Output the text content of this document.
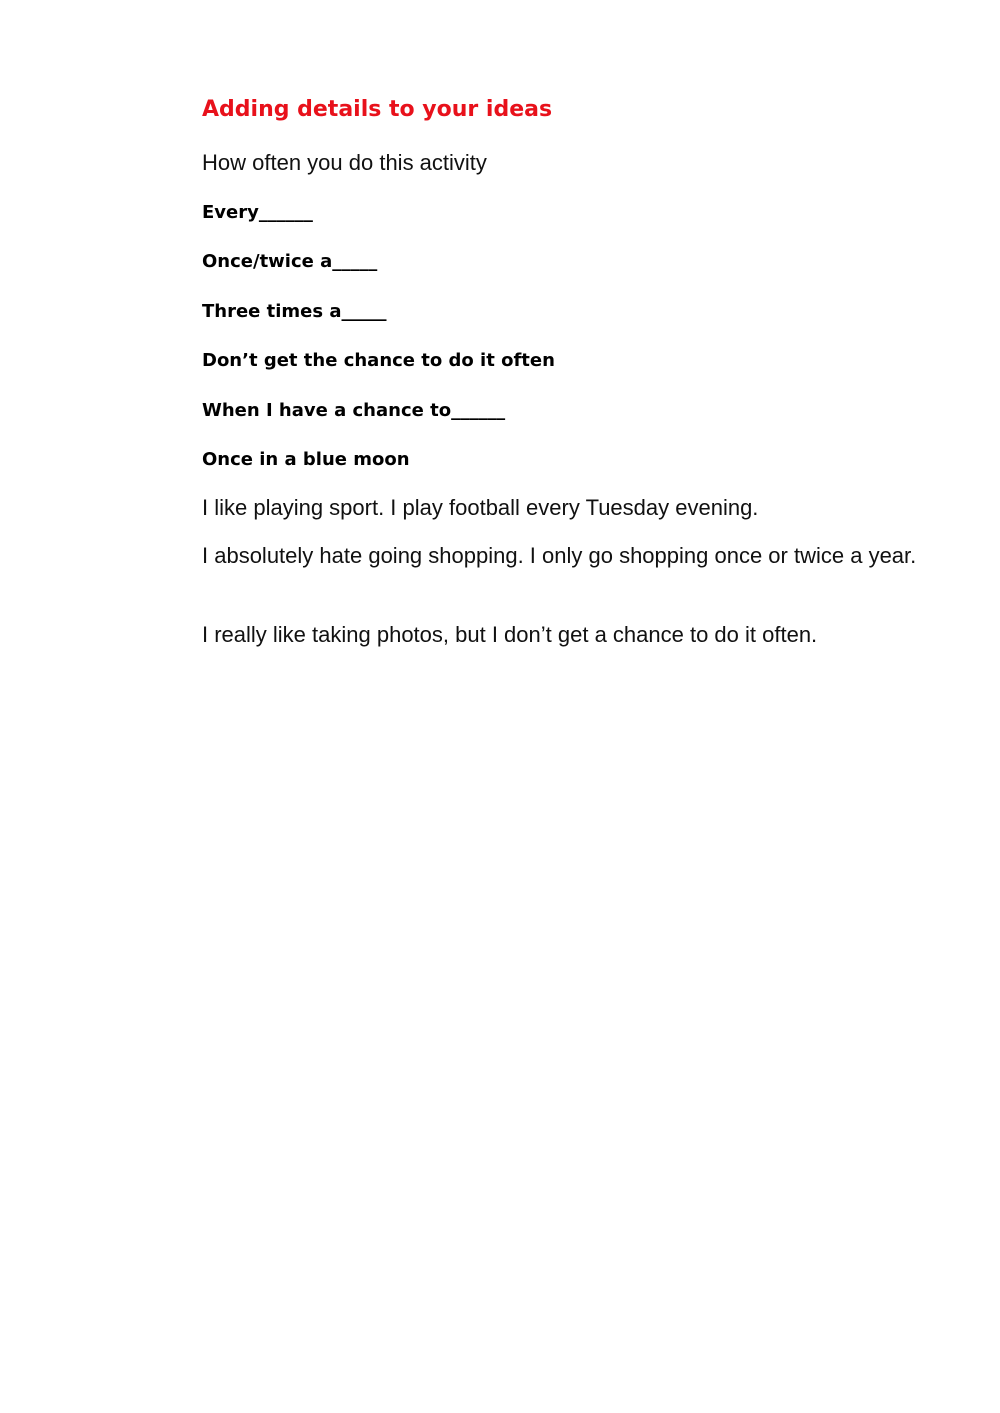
Adding details to your ideas

How often you do this activity

Every______

Once/twice a_____

Three times a_____

Don’t get the chance to do it often

When I have a chance to______

Once in a blue moon

I like playing sport. I play football every Tuesday evening.

I absolutely hate going shopping. I only go shopping once or twice a year.

I really like taking photos, but I don’t get a chance to do it often.
